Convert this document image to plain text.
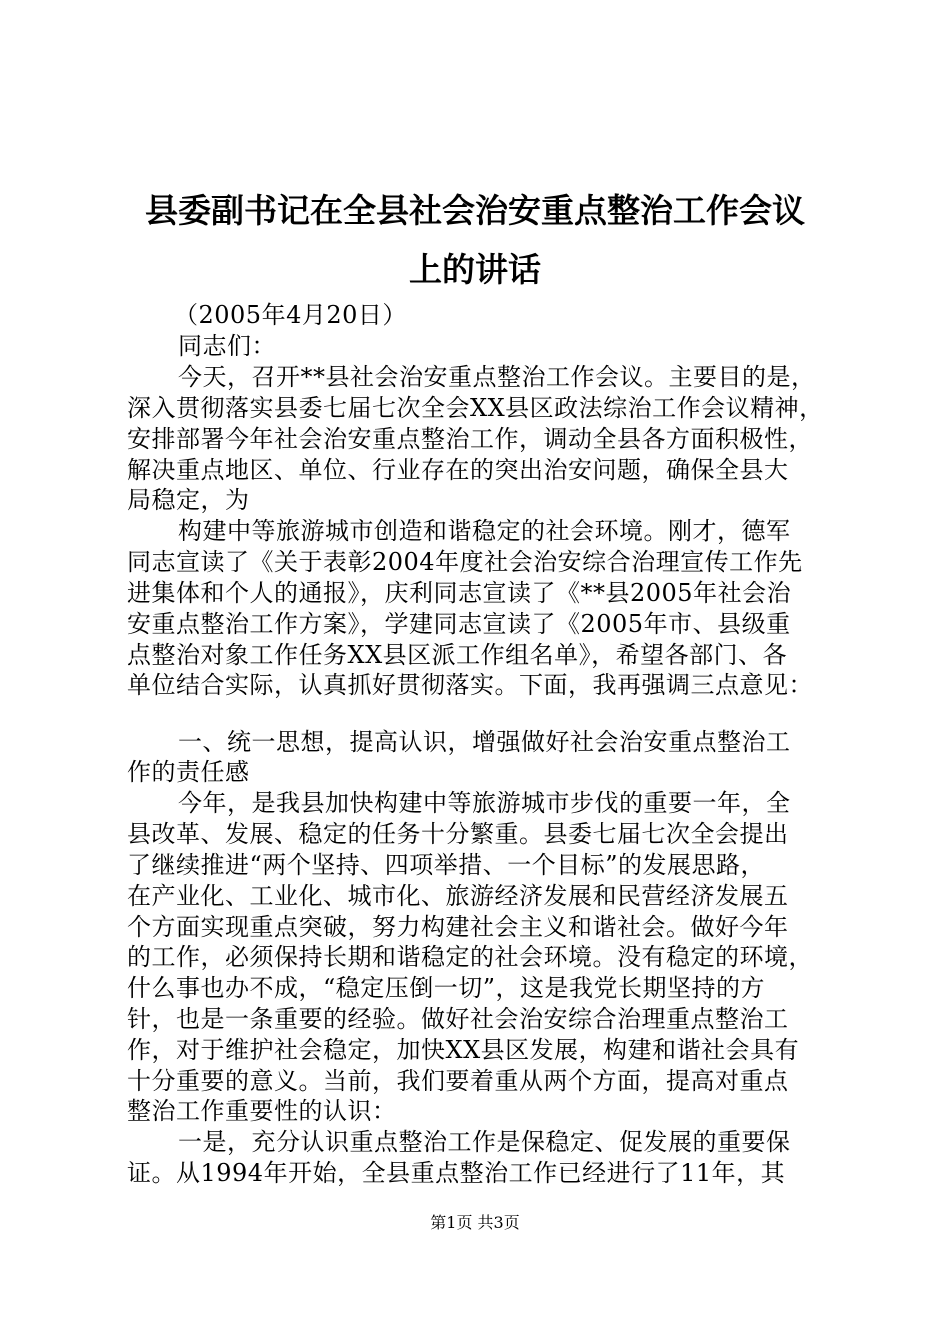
县委副书记在全县社会治安重点整治工作会议
上的讲话
（2005年4月20日）
同志们：
今天，召开**县社会治安重点整治工作会议。主要目的是，
深入贯彻落实县委七届七次全会XX县区政法综治工作会议精神，
安排部署今年社会治安重点整治工作，调动全县各方面积极性，
解决重点地区、单位、行业存在的突出治安问题，确保全县大
局稳定，为
构建中等旅游城市创造和谐稳定的社会环境。刚才，德军
同志宣读了《关于表彰2004年度社会治安综合治理宣传工作先
进集体和个人的通报》，庆利同志宣读了《**县2005年社会治
安重点整治工作方案》，学建同志宣读了《2005年市、县级重
点整治对象工作任务XX县区派工作组名单》，希望各部门、各
单位结合实际，认真抓好贯彻落实。下面，我再强调三点意见：
一、统一思想，提高认识，增强做好社会治安重点整治工
作的责任感
今年，是我县加快构建中等旅游城市步伐的重要一年，全
县改革、发展、稳定的任务十分繁重。县委七届七次全会提出
了继续推进“两个坚持、四项举措、一个目标”的发展思路，
在产业化、工业化、城市化、旅游经济发展和民营经济发展五
个方面实现重点突破，努力构建社会主义和谐社会。做好今年
的工作，必须保持长期和谐稳定的社会环境。没有稳定的环境，
什么事也办不成，“稳定压倒一切”，这是我党长期坚持的方
针，也是一条重要的经验。做好社会治安综合治理重点整治工
作，对于维护社会稳定，加快XX县区发展，构建和谐社会具有
十分重要的意义。当前，我们要着重从两个方面，提高对重点
整治工作重要性的认识：
一是，充分认识重点整治工作是保稳定、促发展的重要保
证。从1994年开始，全县重点整治工作已经进行了11年，其
第1页 共3页
